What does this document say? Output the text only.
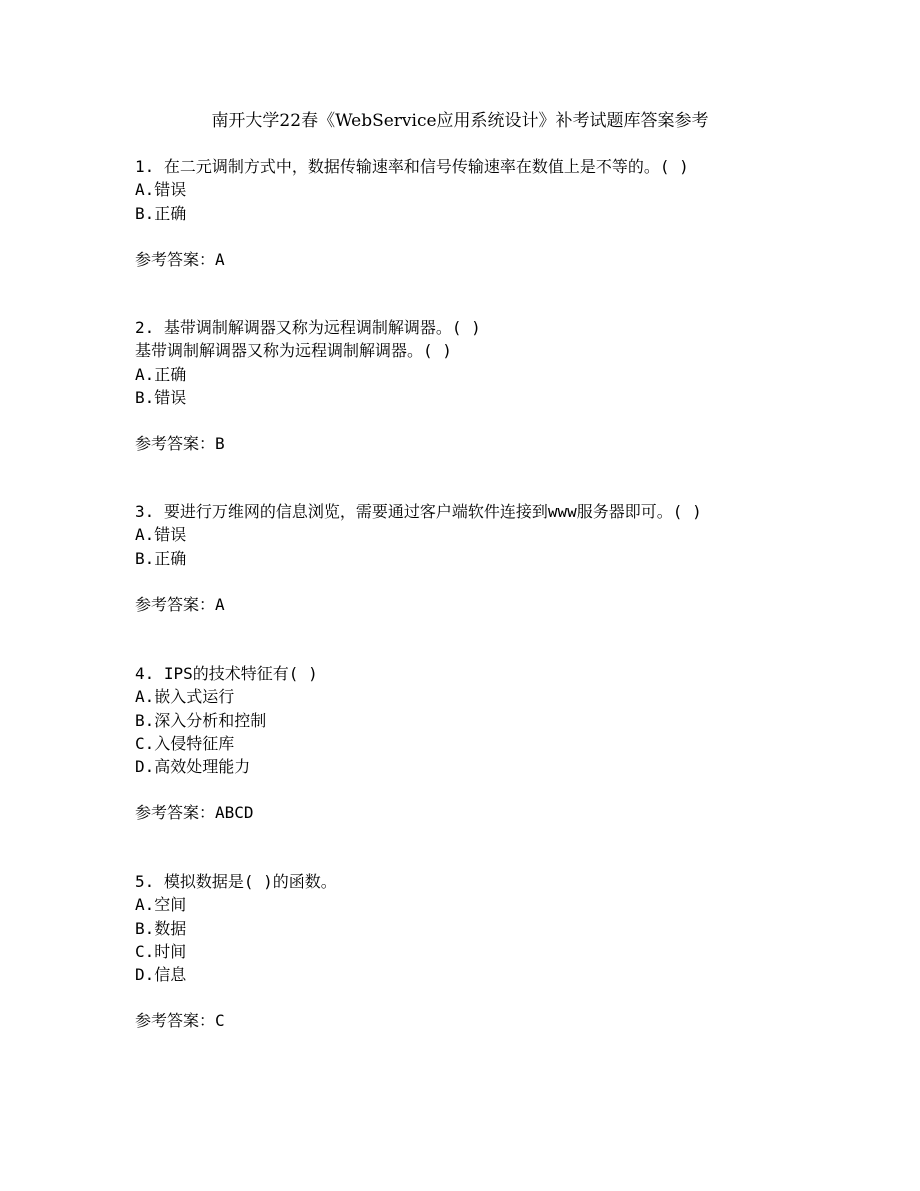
南开大学22春《WebService应用系统设计》补考试题库答案参考
1. 在二元调制方式中，数据传输速率和信号传输速率在数值上是不等的。( )
A.错误
B.正确
参考答案：A
2. 基带调制解调器又称为远程调制解调器。( )
基带调制解调器又称为远程调制解调器。( )
A.正确
B.错误
参考答案：B
3. 要进行万维网的信息浏览，需要通过客户端软件连接到www服务器即可。( )
A.错误
B.正确
参考答案：A
4. IPS的技术特征有( )
A.嵌入式运行
B.深入分析和控制
C.入侵特征库
D.高效处理能力
参考答案：ABCD
5. 模拟数据是( )的函数。
A.空间
B.数据
C.时间
D.信息
参考答案：C
